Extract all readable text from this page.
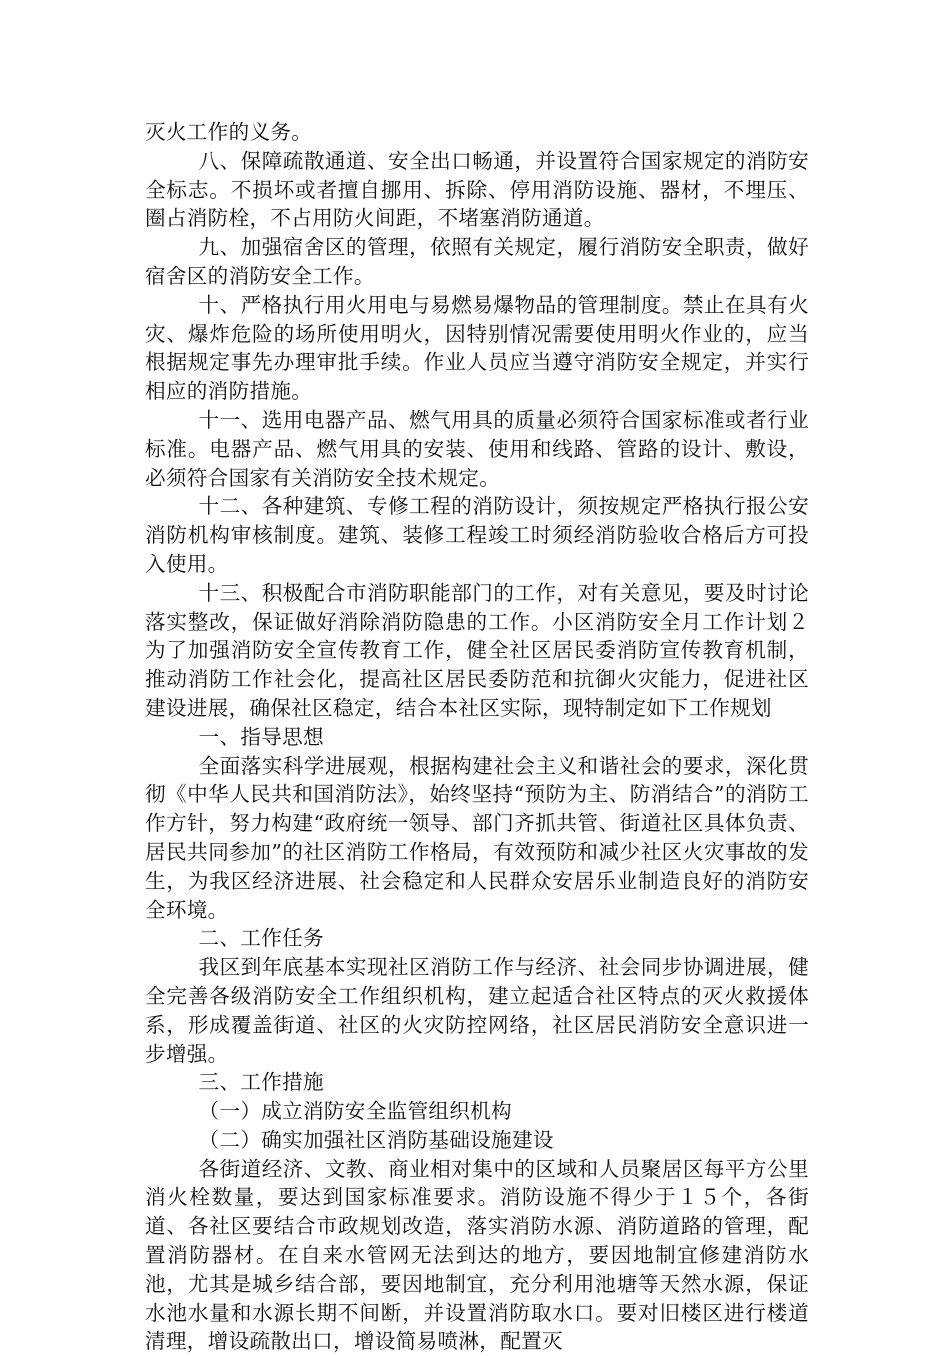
灭火工作的义务。

八、保障疏散通道、安全出口畅通，并设置符合国家规定的消防安全标志。不损坏或者擅自挪用、拆除、停用消防设施、器材，不埋压、圈占消防栓，不占用防火间距，不堵塞消防通道。

九、加强宿舍区的管理，依照有关规定，履行消防安全职责，做好宿舍区的消防安全工作。

十、严格执行用火用电与易燃易爆物品的管理制度。禁止在具有火灾、爆炸危险的场所使用明火，因特别情况需要使用明火作业的，应当根据规定事先办理审批手续。作业人员应当遵守消防安全规定，并实行相应的消防措施。

十一、选用电器产品、燃气用具的质量必须符合国家标准或者行业标准。电器产品、燃气用具的安装、使用和线路、管路的设计、敷设，必须符合国家有关消防安全技术规定。

十二、各种建筑、专修工程的消防设计，须按规定严格执行报公安消防机构审核制度。建筑、装修工程竣工时须经消防验收合格后方可投入使用。

十三、积极配合市消防职能部门的工作，对有关意见，要及时讨论落实整改，保证做好消除消防隐患的工作。小区消防安全月工作计划２为了加强消防安全宣传教育工作，健全社区居民委消防宣传教育机制，推动消防工作社会化，提高社区居民委防范和抗御火灾能力，促进社区建设进展，确保社区稳定，结合本社区实际，现特制定如下工作规划

一、指导思想

全面落实科学进展观，根据构建社会主义和谐社会的要求，深化贯彻《中华人民共和国消防法》，始终坚持“预防为主、防消结合”的消防工作方针，努力构建“政府统一领导、部门齐抓共管、街道社区具体负责、居民共同参加”的社区消防工作格局，有效预防和减少社区火灾事故的发生，为我区经济进展、社会稳定和人民群众安居乐业制造良好的消防安全环境。

二、工作任务

我区到年底基本实现社区消防工作与经济、社会同步协调进展，健全完善各级消防安全工作组织机构，建立起适合社区特点的灭火救援体系，形成覆盖街道、社区的火灾防控网络，社区居民消防安全意识进一步增强。

三、工作措施

（一）成立消防安全监管组织机构

（二）确实加强社区消防基础设施建设

各街道经济、文教、商业相对集中的区域和人员聚居区每平方公里消火栓数量，要达到国家标准要求。消防设施不得少于１５个，各街道、各社区要结合市政规划改造，落实消防水源、消防道路的管理，配置消防器材。在自来水管网无法到达的地方，要因地制宜修建消防水池，尤其是城乡结合部，要因地制宜，充分利用池塘等天然水源，保证水池水量和水源长期不间断，并设置消防取水口。要对旧楼区进行楼道清理，增设疏散出口，增设简易喷淋，配置灭
